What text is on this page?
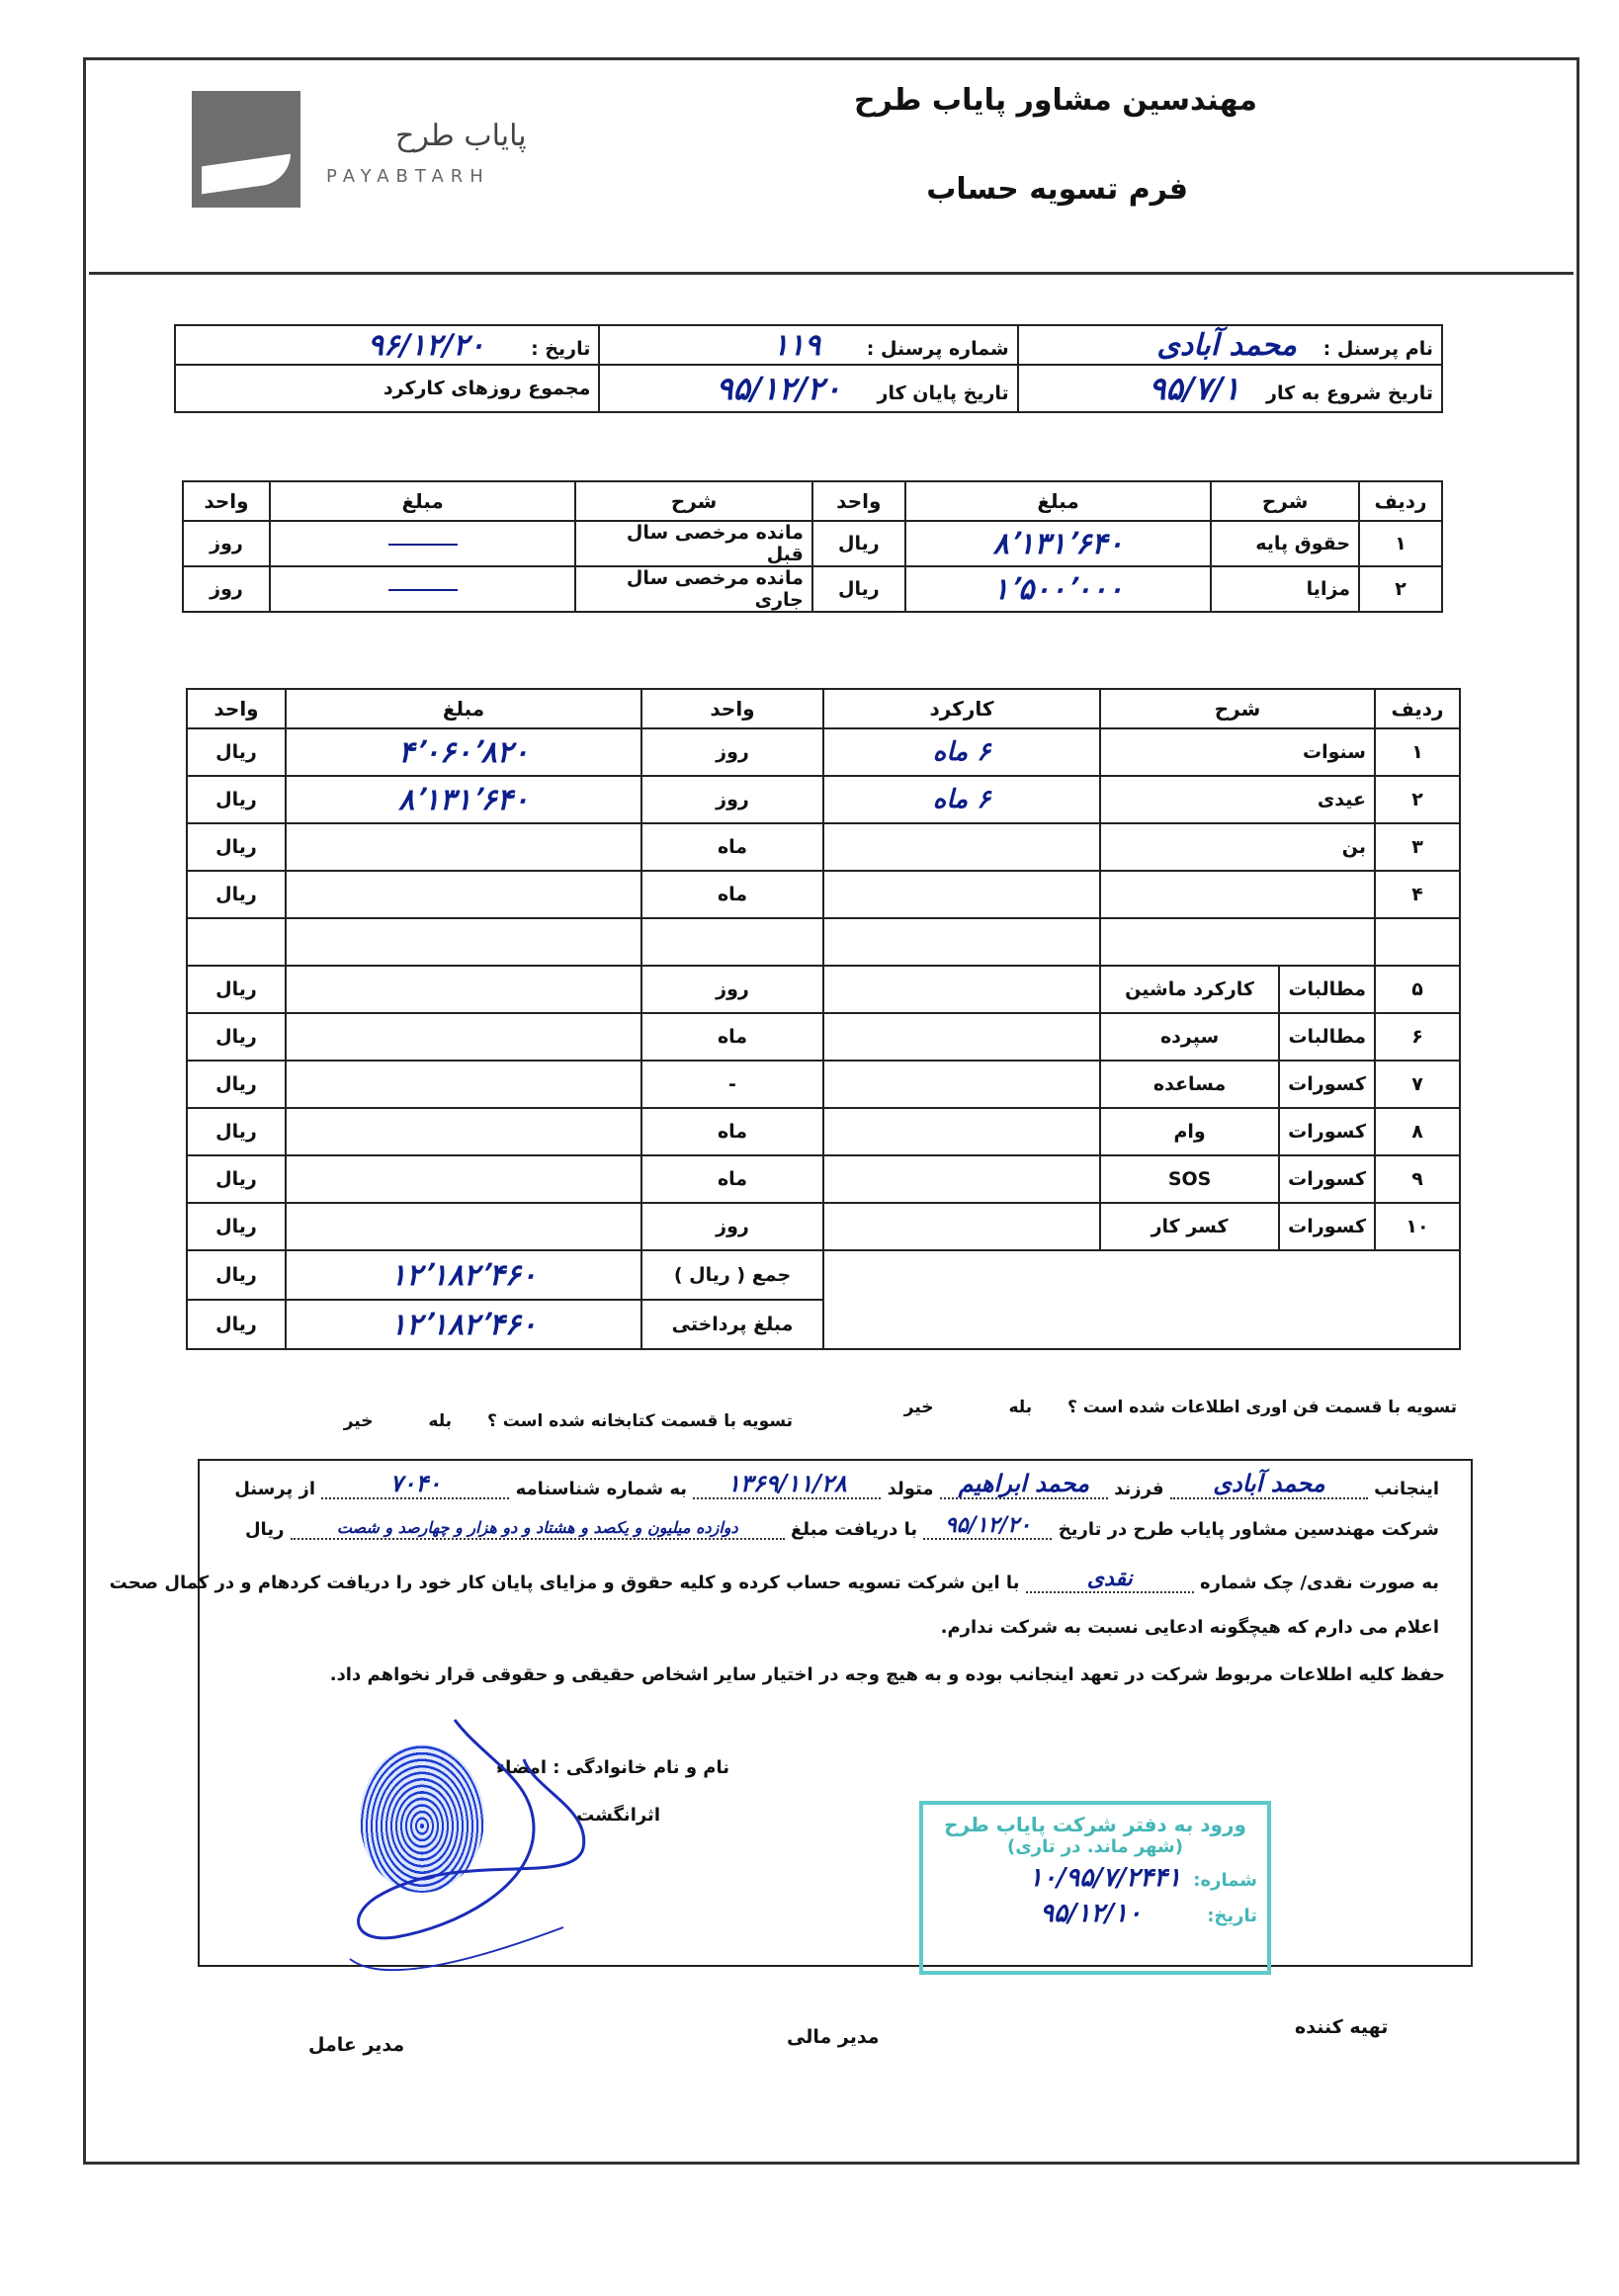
مهندسین مشاور پایاب طرح
فرم تسویه حساب
پایاب طرح
PAYABTARH
نام پرسنل : محمد آبادی	شماره پرسنل : ۱۱۹	تاریخ : ۹۶/۱۲/۲۰
تاریخ شروع به کار ۹۵/۷/۱	تاریخ پایان کار ۹۵/۱۲/۲۰	مجموع روزهای کارکرد
ردیف	شرح	مبلغ	واحد	شرح	مبلغ	واحد
۱	حقوق پایه	۸٬۱۳۱٬۶۴۰	ریال	مانده مرخصی سال قبل		روز
۲	مزایا	۱٬۵۰۰٬۰۰۰	ریال	مانده مرخصی سال جاری		روز
ردیف	شرح		کارکرد	واحد	مبلغ	واحد
۱	سنوات		۶ ماه	روز	۴٬۰۶۰٬۸۲۰	ریال
۲	عیدی		۶ ماه	روز	۸٬۱۳۱٬۶۴۰	ریال
۳	بن			ماه		ریال
۴				ماه		ریال

۵	مطالبات	کارکرد ماشین		روز		ریال
۶	مطالبات	سپرده		ماه		ریال
۷	کسورات	مساعده		-		ریال
۸	کسورات	وام		ماه		ریال
۹	کسورات	SOS		ماه		ریال
۱۰	کسورات	کسر کار		روز		ریال
				جمع ( ریال )	۱۲٬۱۸۲٬۴۶۰	ریال
				مبلغ پرداختی	۱۲٬۱۸۲٬۴۶۰	ریال
تسویه با قسمت فن اوری اطلاعات شده است ؟ بله خیر
تسویه با قسمت کتابخانه شده است ؟ بله خیر
اینجانب محمد آبادی فرزند محمد ابراهیم متولد ۱۳۶۹/۱۱/۲۸ به شماره شناسنامه ۷۰۴۰ از پرسنل
شرکت مهندسین مشاور پایاب طرح در تاریخ ۹۵/۱۲/۲۰ با دریافت مبلغ دوازده میلیون و یکصد و هشتاد و دو هزار و چهارصد و شصت ریال
به صورت نقدی/ چک شماره نقدی با این شرکت تسویه حساب کرده و کلیه حقوق و مزایای پایان کار خود را دریافت کردهام و در کمال صحت
اعلام می دارم که هیچگونه ادعایی نسبت به شرکت ندارم.
حفظ کلیه اطلاعات مربوط شرکت در تعهد اینجانب بوده و به هیچ وجه در اختیار سایر اشخاص حقیقی و حقوقی قرار نخواهم داد.
نام و نام خانوادگی : امضاء
اثرانگشت	ورود به دفتر شرکت پایاب طرح
(شهر ماند. در تاری)
شماره: ۱۰/۹۵/۷/۲۴۴۱
تاریخ: ۹۵/۱۲/۱۰
تهیه کننده
مدیر مالی
مدیر عامل
